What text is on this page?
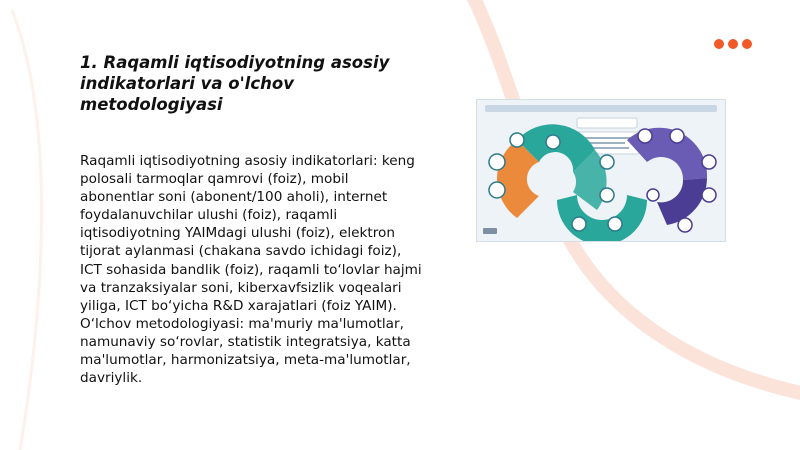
1. Raqamli iqtisodiyotning asosiy indikatorlari va o'lchov metodologiyasi

Raqamli iqtisodiyotning asosiy indikatorlari: keng polosali tarmoqlar qamrovi (foiz), mobil abonentlar soni (abonent/100 aholi), internet foydalanuvchilar ulushi (foiz), raqamli iqtisodiyotning YAIMdagi ulushi (foiz), elektron tijorat aylanmasi (chakana savdo ichidagi foiz), ICT sohasida bandlik (foiz), raqamli to‘lovlar hajmi va tranzaksiyalar soni, kiberxavfsizlik voqealari yiliga, ICT bo‘yicha R&D xarajatlari (foiz YAIM). O‘lchov metodologiyasi: ma'muriy ma'lumotlar, namunaviy so‘rovlar, statistik integratsiya, katta ma'lumotlar, harmonizatsiya, meta-ma'lumotlar, davriylik.
